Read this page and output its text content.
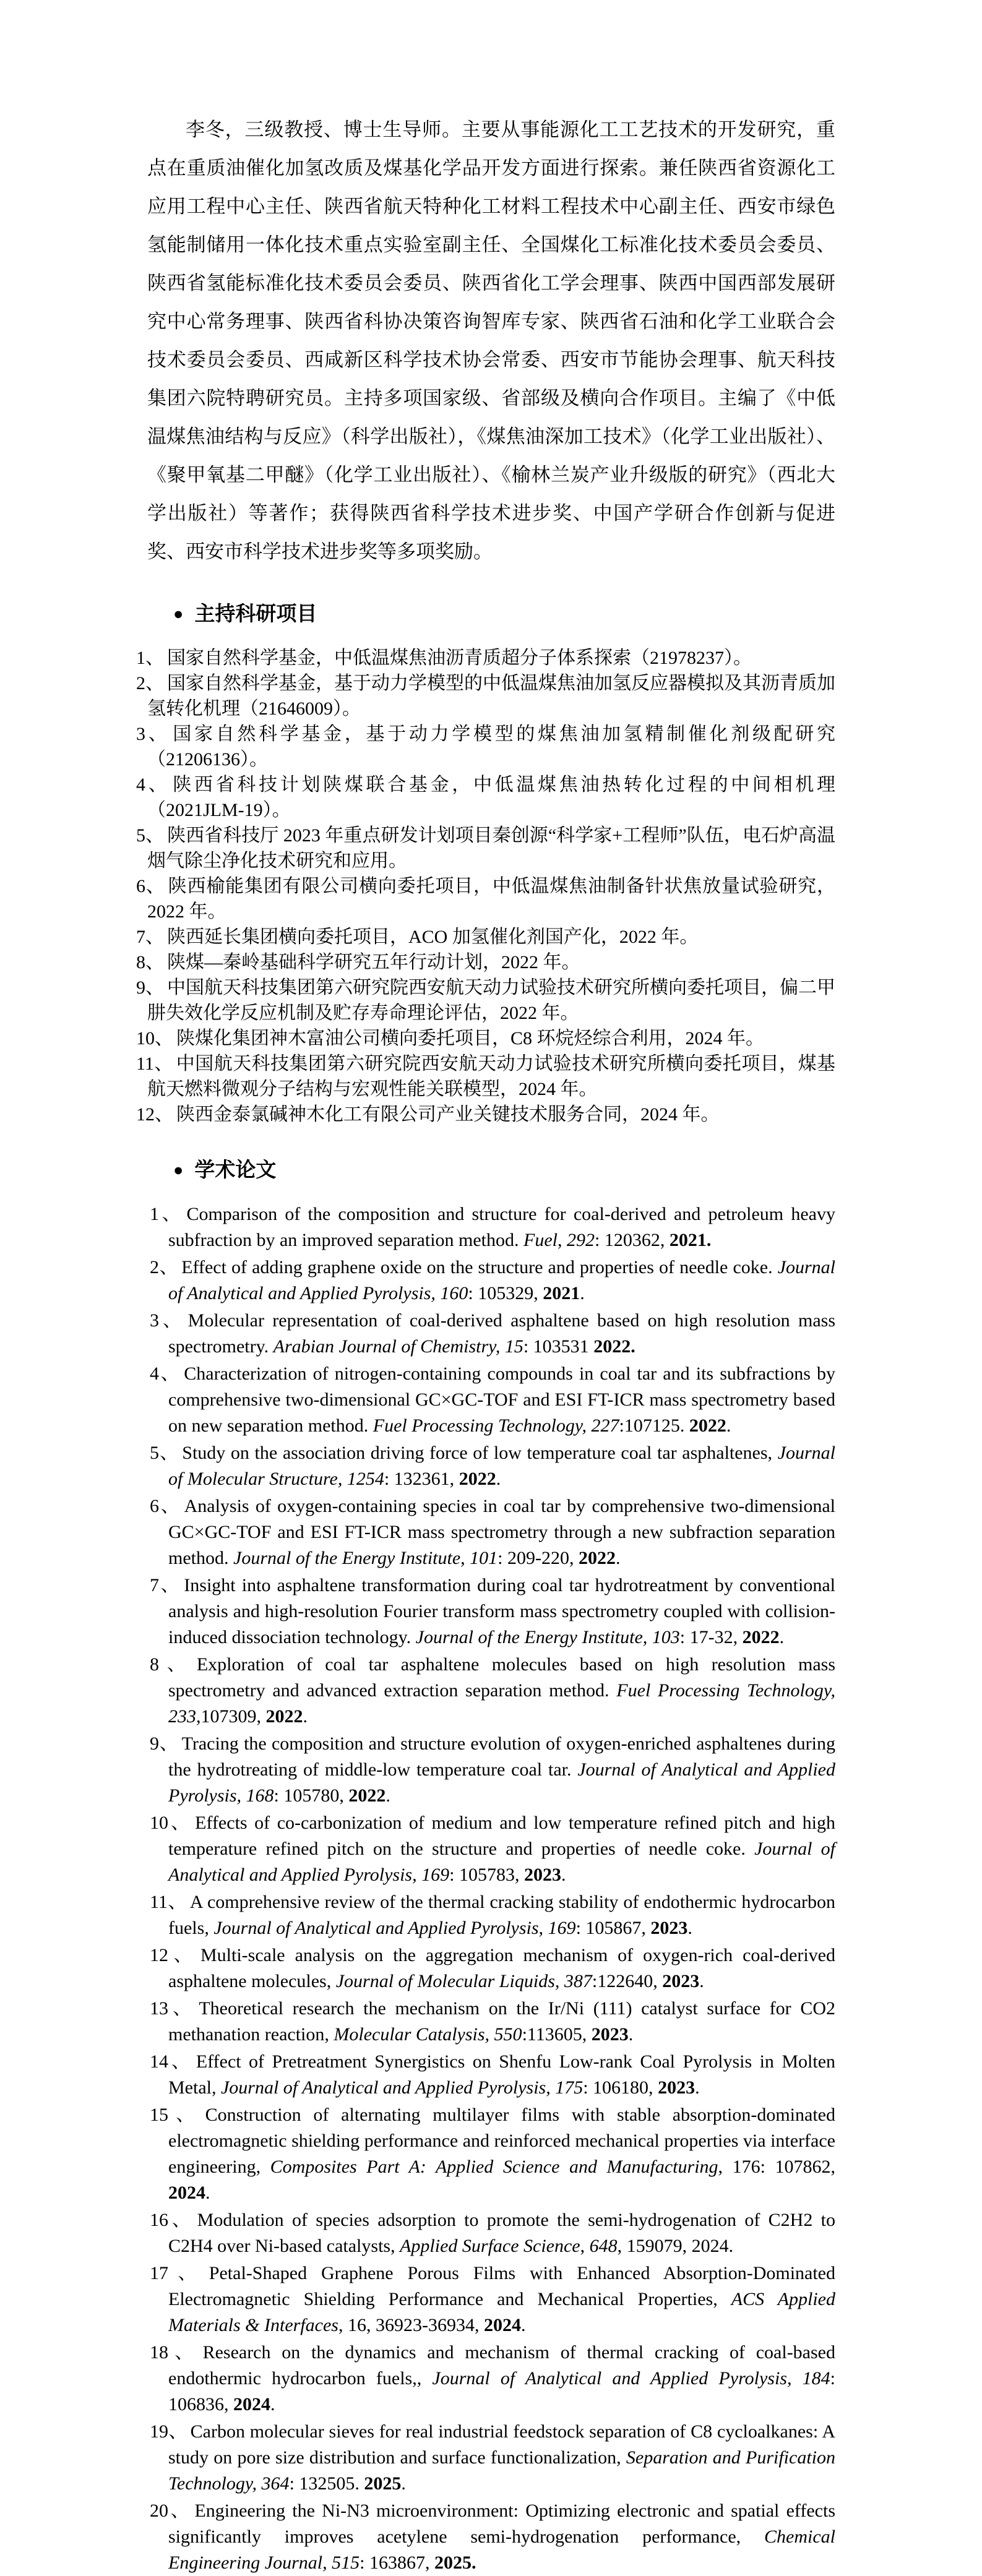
李冬，三级教授、博士生导师。主要从事能源化工工艺技术的开发研究，重点在重质油催化加氢改质及煤基化学品开发方面进行探索。兼任陕西省资源化工应用工程中心主任、陕西省航天特种化工材料工程技术中心副主任、西安市绿色氢能制储用一体化技术重点实验室副主任、全国煤化工标准化技术委员会委员、陕西省氢能标准化技术委员会委员、陕西省化工学会理事、陕西中国西部发展研究中心常务理事、陕西省科协决策咨询智库专家、陕西省石油和化学工业联合会技术委员会委员、西咸新区科学技术协会常委、西安市节能协会理事、航天科技集团六院特聘研究员。主持多项国家级、省部级及横向合作项目。主编了《中低温煤焦油结构与反应》（科学出版社），《煤焦油深加工技术》（化学工业出版社）、《聚甲氧基二甲醚》（化学工业出版社）、《榆林兰炭产业升级版的研究》（西北大学出版社）等著作；获得陕西省科学技术进步奖、中国产学研合作创新与促进奖、西安市科学技术进步奖等多项奖励。

● 主持科研项目
1、 国家自然科学基金，中低温煤焦油沥青质超分子体系探索（21978237）。
2、 国家自然科学基金，基于动力学模型的中低温煤焦油加氢反应器模拟及其沥青质加氢转化机理（21646009）。
3、 国家自然科学基金，基于动力学模型的煤焦油加氢精制催化剂级配研究（21206136）。
4、 陕西省科技计划陕煤联合基金，中低温煤焦油热转化过程的中间相机理（2021JLM-19）。
5、 陕西省科技厅 2023 年重点研发计划项目秦创源“科学家+工程师”队伍，电石炉高温烟气除尘净化技术研究和应用。
6、 陕西榆能集团有限公司横向委托项目，中低温煤焦油制备针状焦放量试验研究，2022 年。
7、 陕西延长集团横向委托项目，ACO 加氢催化剂国产化，2022 年。
8、 陕煤—秦岭基础科学研究五年行动计划，2022 年。
9、 中国航天科技集团第六研究院西安航天动力试验技术研究所横向委托项目，偏二甲肼失效化学反应机制及贮存寿命理论评估，2022 年。
10、 陕煤化集团神木富油公司横向委托项目，C8 环烷烃综合利用，2024 年。
11、 中国航天科技集团第六研究院西安航天动力试验技术研究所横向委托项目，煤基航天燃料微观分子结构与宏观性能关联模型，2024 年。
12、 陕西金泰氯碱神木化工有限公司产业关键技术服务合同，2024 年。
● 学术论文
1、 Comparison of the composition and structure for coal-derived and petroleum heavy subfraction by an improved separation method. Fuel, 292: 120362, 2021.
2、 Effect of adding graphene oxide on the structure and properties of needle coke. Journal of Analytical and Applied Pyrolysis, 160: 105329, 2021.
3、 Molecular representation of coal-derived asphaltene based on high resolution mass spectrometry. Arabian Journal of Chemistry, 15: 103531 2022.
4、 Characterization of nitrogen-containing compounds in coal tar and its subfractions by comprehensive two-dimensional GC×GC-TOF and ESI FT-ICR mass spectrometry based on new separation method. Fuel Processing Technology, 227:107125. 2022.
5、 Study on the association driving force of low temperature coal tar asphaltenes, Journal of Molecular Structure, 1254: 132361, 2022.
6、 Analysis of oxygen-containing species in coal tar by comprehensive two-dimensional GC×GC-TOF and ESI FT-ICR mass spectrometry through a new subfraction separation method. Journal of the Energy Institute, 101: 209-220, 2022.
7、 Insight into asphaltene transformation during coal tar hydrotreatment by conventional analysis and high-resolution Fourier transform mass spectrometry coupled with collision-induced dissociation technology. Journal of the Energy Institute, 103: 17-32, 2022.
8、 Exploration of coal tar asphaltene molecules based on high resolution mass spectrometry and advanced extraction separation method. Fuel Processing Technology, 233,107309, 2022.
9、 Tracing the composition and structure evolution of oxygen-enriched asphaltenes during the hydrotreating of middle-low temperature coal tar. Journal of Analytical and Applied Pyrolysis, 168: 105780, 2022.
10、 Effects of co-carbonization of medium and low temperature refined pitch and high temperature refined pitch on the structure and properties of needle coke. Journal of Analytical and Applied Pyrolysis, 169: 105783, 2023.
11、 A comprehensive review of the thermal cracking stability of endothermic hydrocarbon fuels, Journal of Analytical and Applied Pyrolysis, 169: 105867, 2023.
12、 Multi-scale analysis on the aggregation mechanism of oxygen-rich coal-derived asphaltene molecules, Journal of Molecular Liquids, 387:122640, 2023.
13、 Theoretical research the mechanism on the Ir/Ni (111) catalyst surface for CO2 methanation reaction, Molecular Catalysis, 550:113605, 2023.
14、 Effect of Pretreatment Synergistics on Shenfu Low-rank Coal Pyrolysis in Molten Metal, Journal of Analytical and Applied Pyrolysis, 175: 106180, 2023.
15、 Construction of alternating multilayer films with stable absorption-dominated electromagnetic shielding performance and reinforced mechanical properties via interface engineering, Composites Part A: Applied Science and Manufacturing, 176: 107862, 2024.
16、 Modulation of species adsorption to promote the semi-hydrogenation of C2H2 to C2H4 over Ni-based catalysts, Applied Surface Science, 648, 159079, 2024.
17、 Petal-Shaped Graphene Porous Films with Enhanced Absorption-Dominated Electromagnetic Shielding Performance and Mechanical Properties, ACS Applied Materials & Interfaces, 16, 36923-36934, 2024.
18、 Research on the dynamics and mechanism of thermal cracking of coal-based endothermic hydrocarbon fuels,, Journal of Analytical and Applied Pyrolysis, 184: 106836, 2024.
19、 Carbon molecular sieves for real industrial feedstock separation of C8 cycloalkanes: A study on pore size distribution and surface functionalization, Separation and Purification Technology, 364: 132505. 2025.
20、 Engineering the Ni-N3 microenvironment: Optimizing electronic and spatial effects significantly improves acetylene semi-hydrogenation performance, Chemical Engineering Journal, 515: 163867, 2025.
